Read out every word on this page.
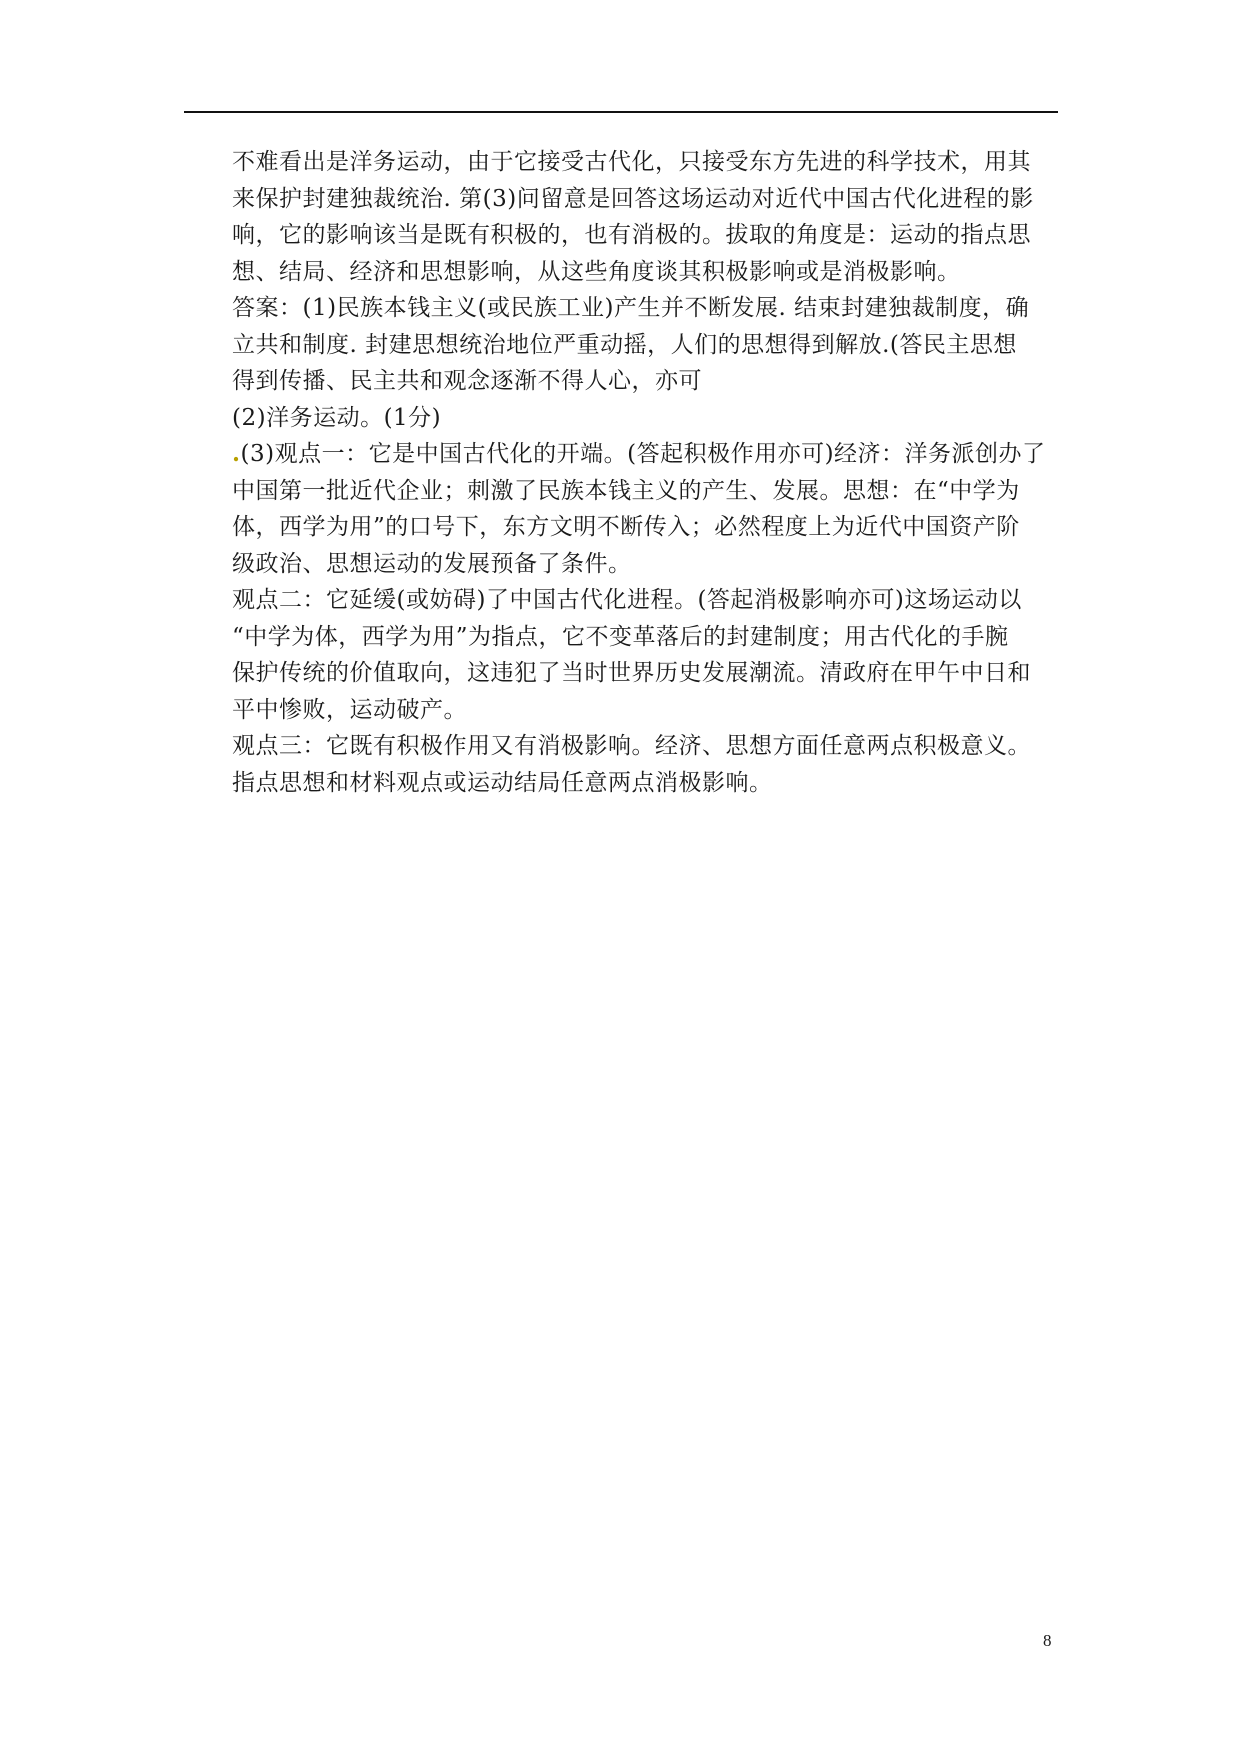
不难看出是洋务运动，由于它接受古代化，只接受东方先进的科学技术，用其
来保护封建独裁统治. 第(3)问留意是回答这场运动对近代中国古代化进程的影
响，它的影响该当是既有积极的，也有消极的。拔取的角度是：运动的指点思
想、结局、经济和思想影响，从这些角度谈其积极影响或是消极影响。
答案：(1)民族本钱主义(或民族工业)产生并不断发展. 结束封建独裁制度，确
立共和制度. 封建思想统治地位严重动摇，人们的思想得到解放.(答民主思想
得到传播、民主共和观念逐渐不得人心，亦可
(2)洋务运动。(1分)
.(3)观点一：它是中国古代化的开端。(答起积极作用亦可)经济：洋务派创办了
中国第一批近代企业；刺激了民族本钱主义的产生、发展。思想：在“中学为
体，西学为用”的口号下，东方文明不断传入；必然程度上为近代中国资产阶
级政治、思想运动的发展预备了条件。
观点二：它延缓(或妨碍)了中国古代化进程。(答起消极影响亦可)这场运动以
“中学为体，西学为用”为指点，它不变革落后的封建制度；用古代化的手腕
保护传统的价值取向，这违犯了当时世界历史发展潮流。清政府在甲午中日和
平中惨败，运动破产。
观点三：它既有积极作用又有消极影响。经济、思想方面任意两点积极意义。
指点思想和材料观点或运动结局任意两点消极影响。
8
